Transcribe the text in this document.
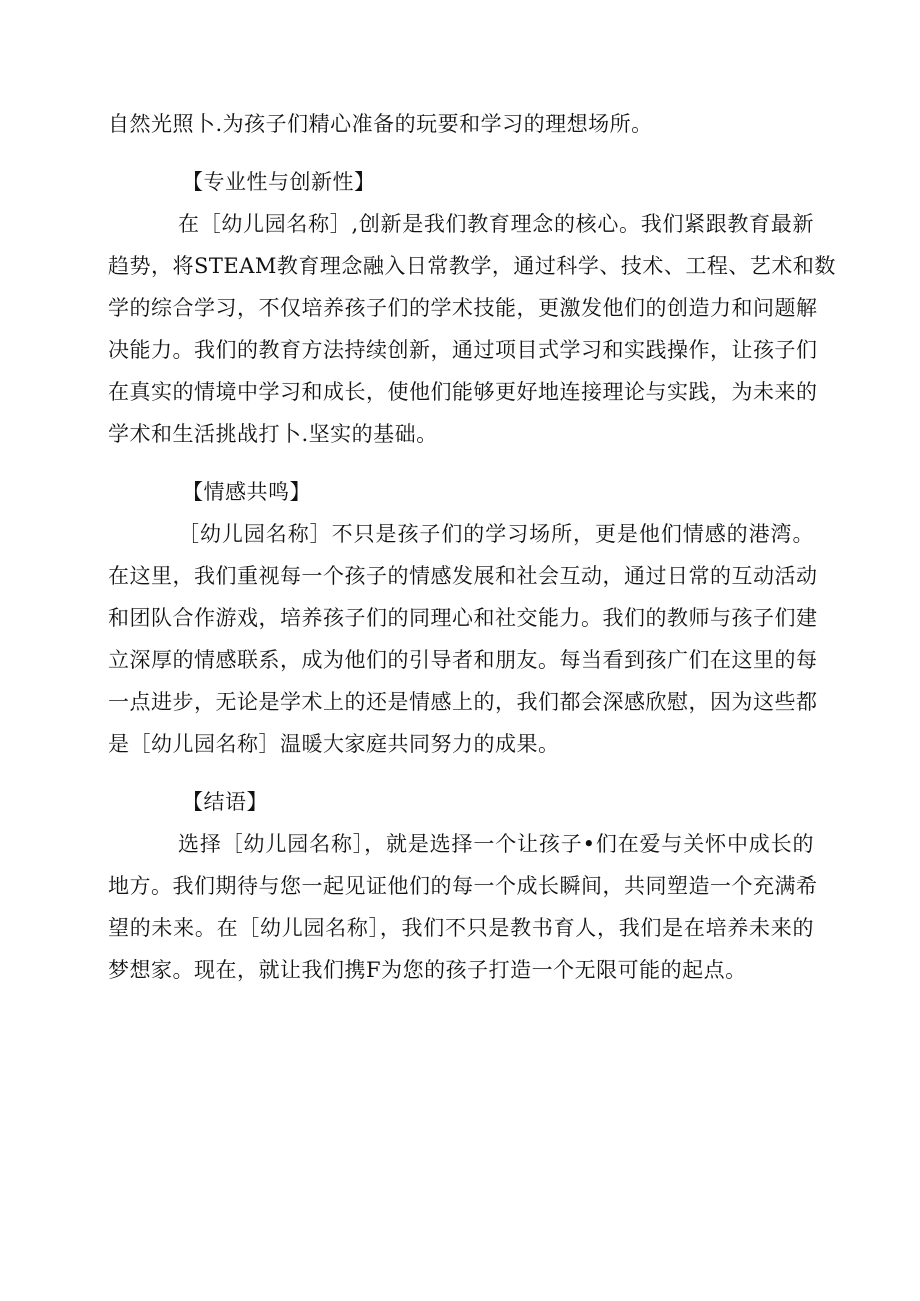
自然光照卜.为孩子们精心准备的玩要和学习的理想场所。
【专业性与创新性】
在［幼儿园名称］,创新是我们教育理念的核心。我们紧跟教育最新
趋势，将STEAM教育理念融入日常教学，通过科学、技术、工程、艺术和数
学的综合学习，不仅培养孩子们的学术技能，更激发他们的创造力和问题解
决能力。我们的教育方法持续创新，通过项目式学习和实践操作，让孩子们
在真实的情境中学习和成长，使他们能够更好地连接理论与实践，为未来的
学术和生活挑战打卜.坚实的基础。
【情感共鸣】
［幼儿园名称］不只是孩子们的学习场所，更是他们情感的港湾。
在这里，我们重视每一个孩子的情感发展和社会互动，通过日常的互动活动
和团队合作游戏，培养孩子们的同理心和社交能力。我们的教师与孩子们建
立深厚的情感联系，成为他们的引导者和朋友。每当看到孩广们在这里的每
一点进步，无论是学术上的还是情感上的，我们都会深感欣慰，因为这些都
是［幼儿园名称］温暖大家庭共同努力的成果。
【结语】
选择［幼儿园名称］，就是选择一个让孩子•们在爱与关怀中成长的
地方。我们期待与您一起见证他们的每一个成长瞬间，共同塑造一个充满希
望的未来。在［幼儿园名称］，我们不只是教书育人，我们是在培养未来的
梦想家。现在，就让我们携F为您的孩子打造一个无限可能的起点。
